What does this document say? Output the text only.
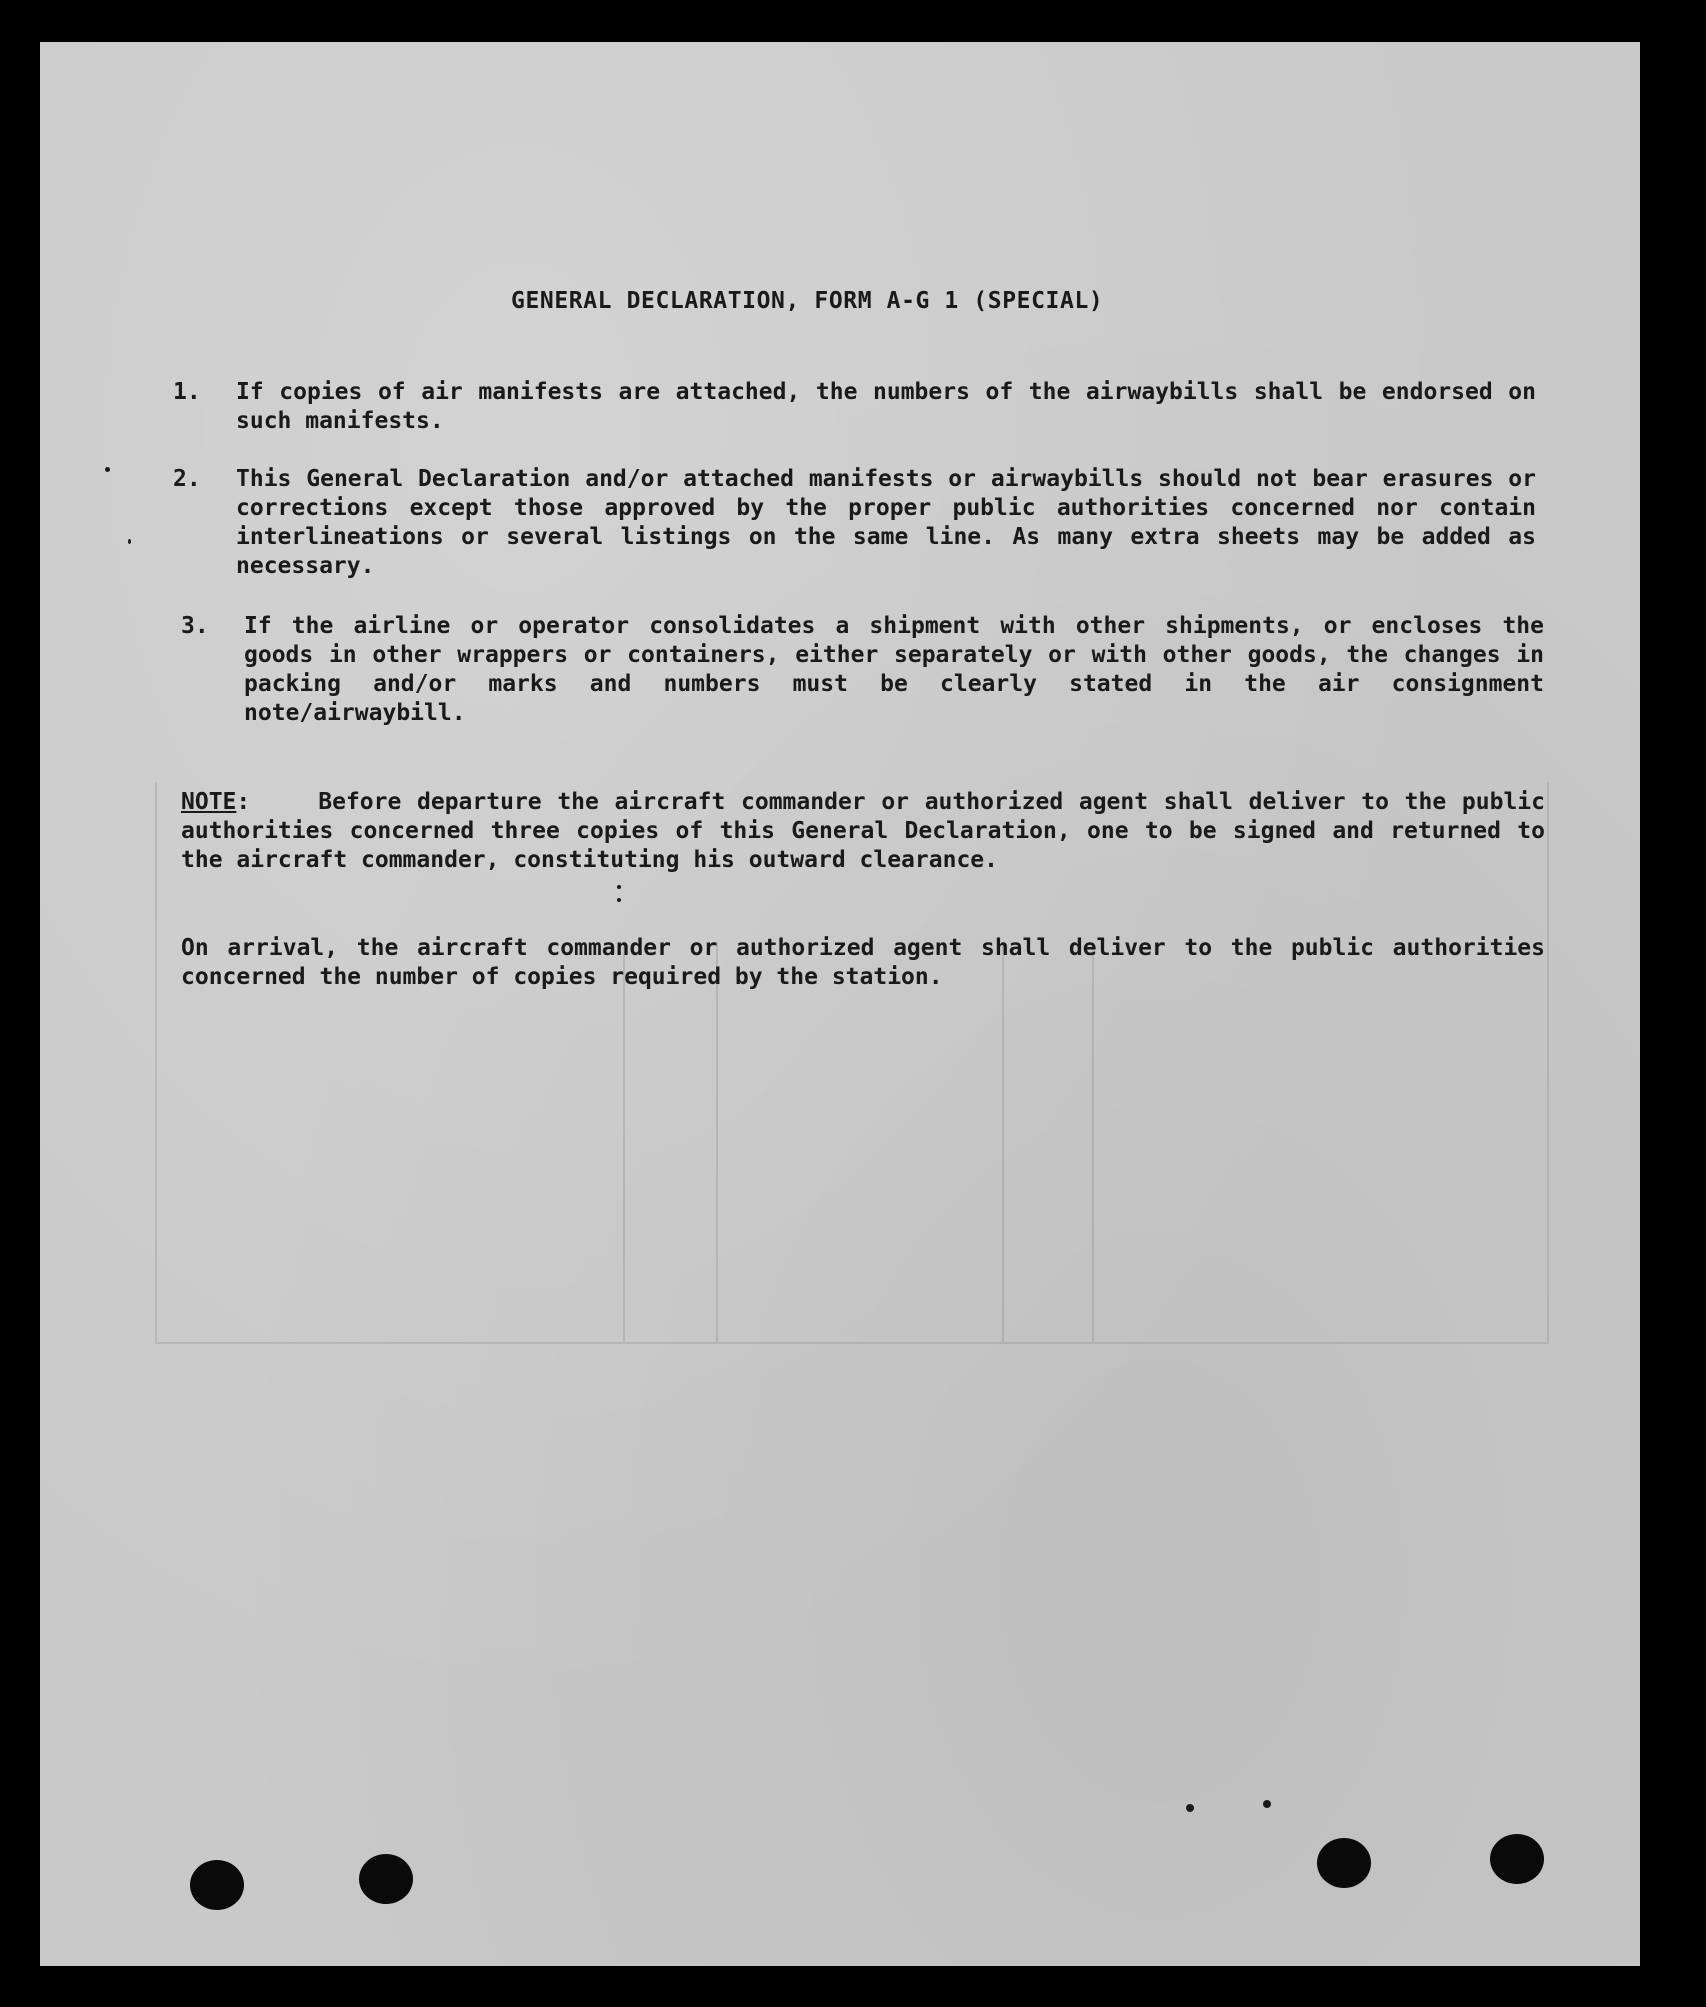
GENERAL DECLARATION, FORM A-G 1 (SPECIAL)
1. If copies of air manifests are attached, the numbers of the airwaybills shall be endorsed on such manifests.
2. This General Declaration and/or attached manifests or airwaybills should not bear erasures or corrections except those approved by the proper public authorities concerned nor contain interlineations or several listings on the same line. As many extra sheets may be added as necessary.
3. If the airline or operator consolidates a shipment with other shipments, or encloses the goods in other wrappers or containers, either separately or with other goods, the changes in packing and/or marks and numbers must be clearly stated in the air consignment note/airwaybill.
NOTE:	Before departure the aircraft commander or authorized agent shall deliver to the public authorities concerned three copies of this General Declaration, one to be signed and returned to the aircraft commander, constituting his outward clearance.
On arrival, the aircraft commander or authorized agent shall deliver to the public authorities concerned the number of copies required by the station.
